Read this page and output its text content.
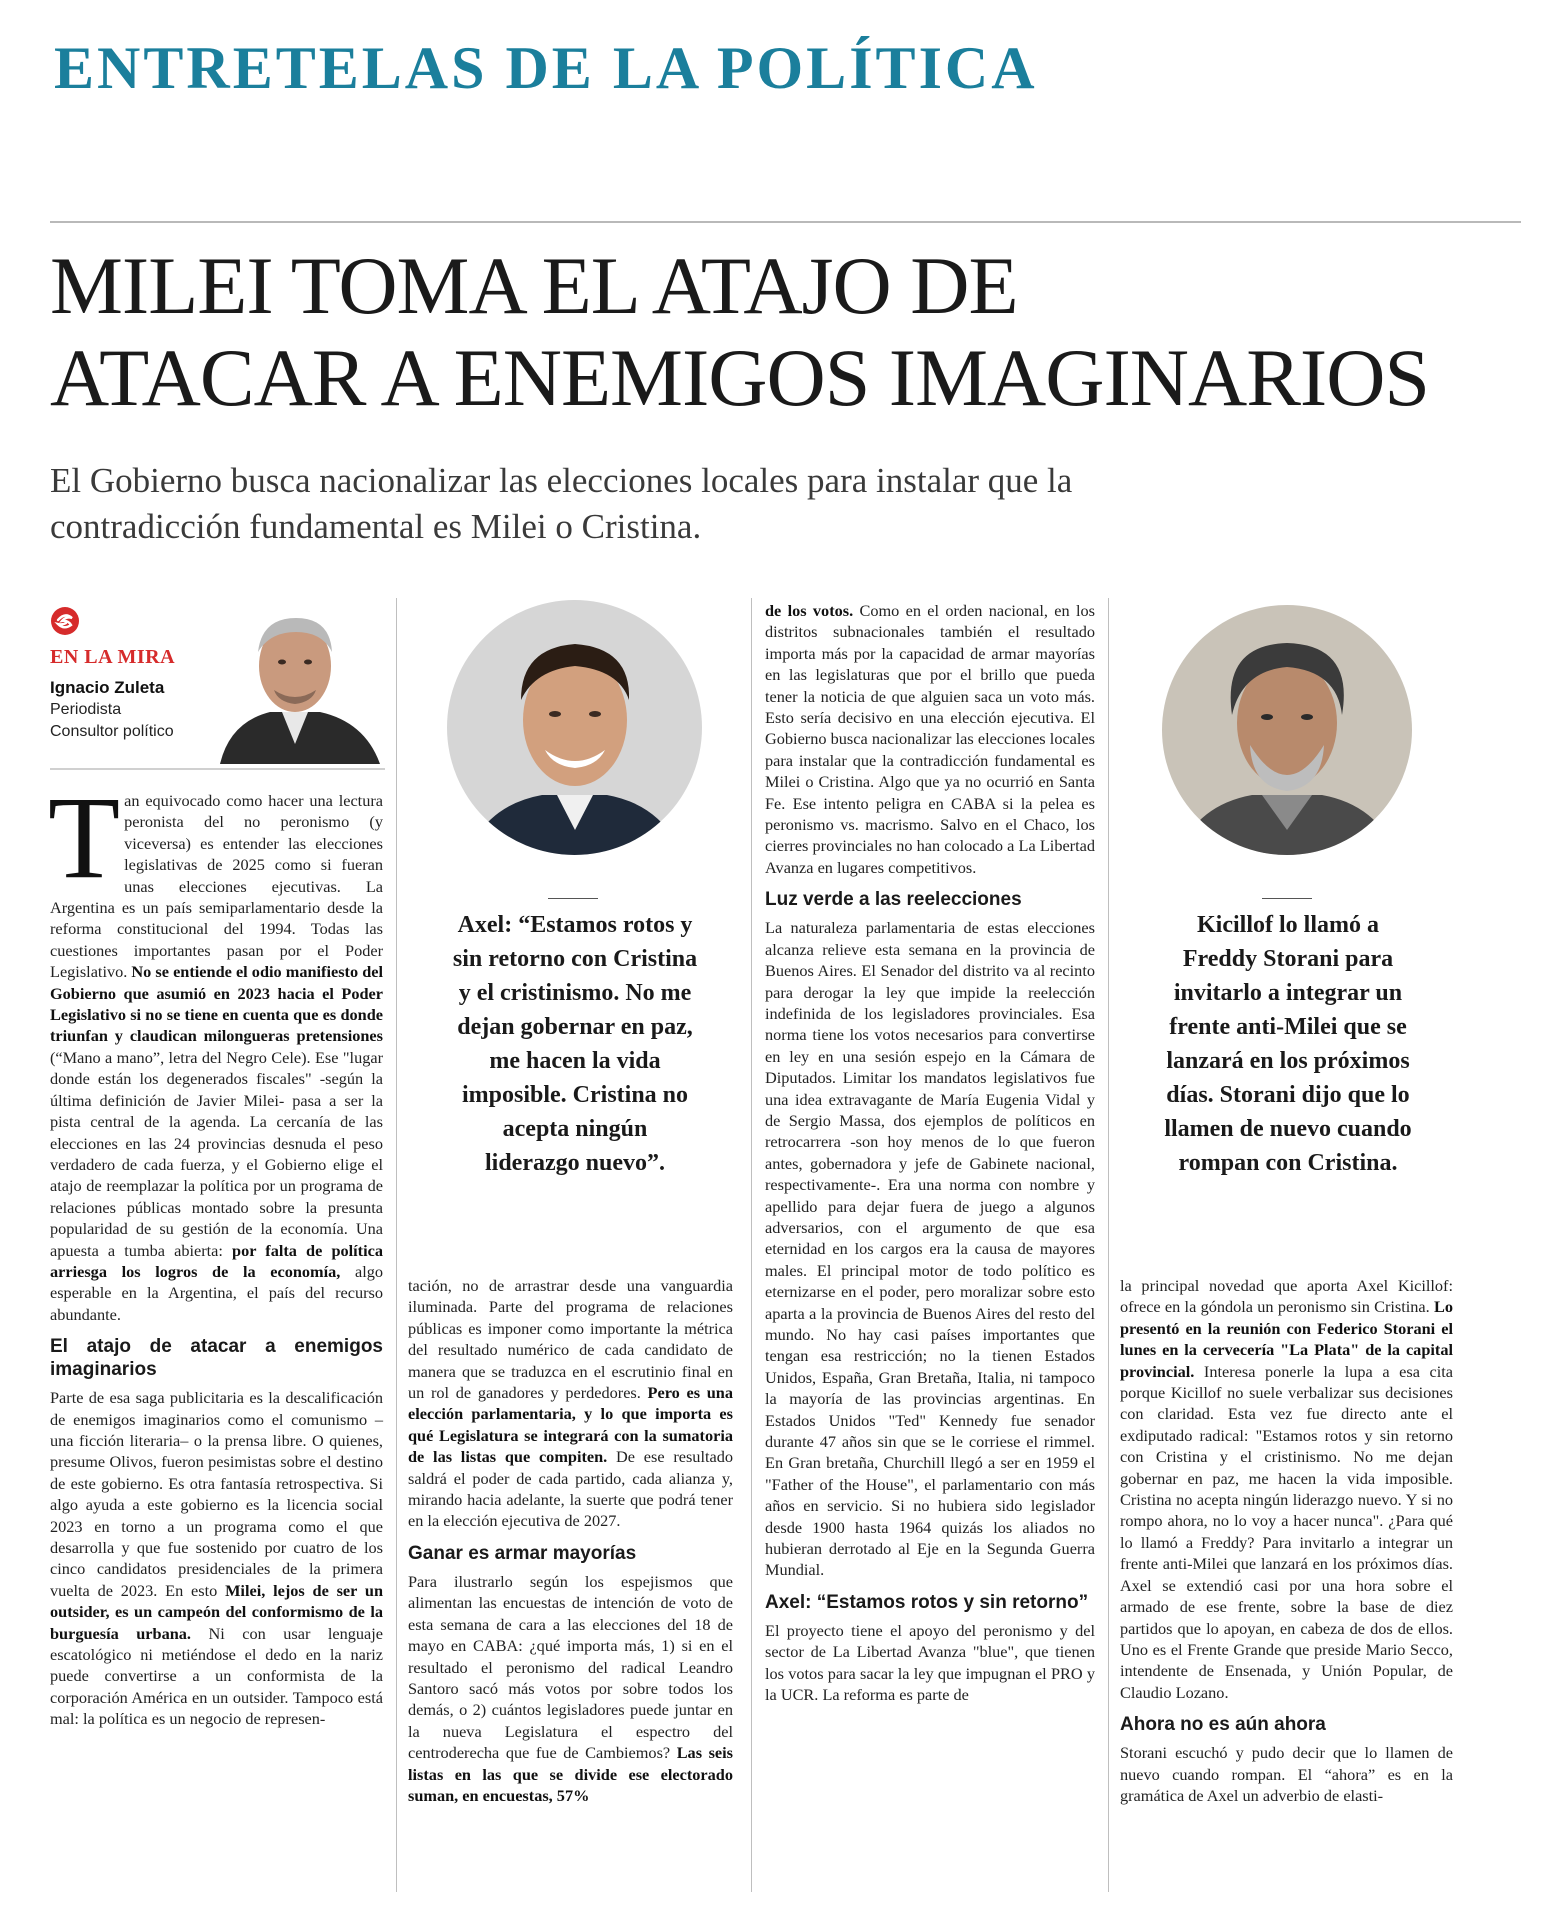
ENTRETELAS DE LA POLÍTICA
MILEI TOMA EL ATAJO DE
ATACAR A ENEMIGOS IMAGINARIOS
El Gobierno busca nacionalizar las elecciones locales para instalar que la
contradicción fundamental es Milei o Cristina.
EN LA MIRA
Ignacio Zuleta
Periodista
Consultor político
Tan equivocado como hacer una lectura peronista del no peronismo (y viceversa) es entender las elecciones legislativas de 2025 como si fueran unas elecciones ejecutivas. La Argentina es un país semiparlamentario desde la reforma constitucional del 1994. Todas las cuestiones importantes pasan por el Poder Legislativo. No se entiende el odio manifiesto del Gobierno que asumió en 2023 hacia el Poder Legislativo si no se tiene en cuenta que es donde triunfan y claudican milongueras pretensiones (“Mano a mano”, letra del Negro Cele). Ese "lugar donde están los degenerados fiscales" -según la última definición de Javier Milei- pasa a ser la pista central de la agenda. La cercanía de las elecciones en las 24 provincias desnuda el peso verdadero de cada fuerza, y el Gobierno elige el atajo de reemplazar la política por un programa de relaciones públicas montado sobre la presunta popularidad de su gestión de la economía. Una apuesta a tumba abierta: por falta de política arriesga los logros de la economía, algo esperable en la Argentina, el país del recurso abundante.
El atajo de atacar a enemigos imaginarios
Parte de esa saga publicitaria es la descalificación de enemigos imaginarios como el comunismo –una ficción literaria– o la prensa libre. O quienes, presume Olivos, fueron pesimistas sobre el destino de este gobierno. Es otra fantasía retrospectiva. Si algo ayuda a este gobierno es la licencia social 2023 en torno a un programa como el que desarrolla y que fue sostenido por cuatro de los cinco candidatos presidenciales de la primera vuelta de 2023. En esto Milei, lejos de ser un outsider, es un campeón del conformismo de la burguesía urbana. Ni con usar lenguaje escatológico ni metiéndose el dedo en la nariz puede convertirse a un conformista de la corporación América en un outsider. Tampoco está mal: la política es un negocio de represen-
Axel: “Estamos rotos y
sin retorno con Cristina
y el cristinismo. No me
dejan gobernar en paz,
me hacen la vida
imposible. Cristina no
acepta ningún
liderazgo nuevo”.
tación, no de arrastrar desde una vanguardia iluminada. Parte del programa de relaciones públicas es imponer como importante la métrica del resultado numérico de cada candidato de manera que se traduzca en el escrutinio final en un rol de ganadores y perdedores. Pero es una elección parlamentaria, y lo que importa es qué Legislatura se integrará con la sumatoria de las listas que compiten. De ese resultado saldrá el poder de cada partido, cada alianza y, mirando hacia adelante, la suerte que podrá tener en la elección ejecutiva de 2027.
Ganar es armar mayorías
Para ilustrarlo según los espejismos que alimentan las encuestas de intención de voto de esta semana de cara a las elecciones del 18 de mayo en CABA: ¿qué importa más, 1) si en el resultado el peronismo del radical Leandro Santoro sacó más votos por sobre todos los demás, o 2) cuántos legisladores puede juntar en la nueva Legislatura el espectro del centroderecha que fue de Cambiemos? Las seis listas en las que se divide ese electorado suman, en encuestas, 57%
de los votos. Como en el orden nacional, en los distritos subnacionales también el resultado importa más por la capacidad de armar mayorías en las legislaturas que por el brillo que pueda tener la noticia de que alguien saca un voto más. Esto sería decisivo en una elección ejecutiva. El Gobierno busca nacionalizar las elecciones locales para instalar que la contradicción fundamental es Milei o Cristina. Algo que ya no ocurrió en Santa Fe. Ese intento peligra en CABA si la pelea es peronismo vs. macrismo. Salvo en el Chaco, los cierres provinciales no han colocado a La Libertad Avanza en lugares competitivos.
Luz verde a las reelecciones
La naturaleza parlamentaria de estas elecciones alcanza relieve esta semana en la provincia de Buenos Aires. El Senador del distrito va al recinto para derogar la ley que impide la reelección indefinida de los legisladores provinciales. Esa norma tiene los votos necesarios para convertirse en ley en una sesión espejo en la Cámara de Diputados. Limitar los mandatos legislativos fue una idea extravagante de María Eugenia Vidal y de Sergio Massa, dos ejemplos de políticos en retrocarrera -son hoy menos de lo que fueron antes, gobernadora y jefe de Gabinete nacional, respectivamente-. Era una norma con nombre y apellido para dejar fuera de juego a algunos adversarios, con el argumento de que esa eternidad en los cargos era la causa de mayores males. El principal motor de todo político es eternizarse en el poder, pero moralizar sobre esto aparta a la provincia de Buenos Aires del resto del mundo. No hay casi países importantes que tengan esa restricción; no la tienen Estados Unidos, España, Gran Bretaña, Italia, ni tampoco la mayoría de las provincias argentinas. En Estados Unidos "Ted" Kennedy fue senador durante 47 años sin que se le corriese el rimmel. En Gran bretaña, Churchill llegó a ser en 1959 el "Father of the House", el parlamentario con más años en servicio. Si no hubiera sido legislador desde 1900 hasta 1964 quizás los aliados no hubieran derrotado al Eje en la Segunda Guerra Mundial.
Axel: “Estamos rotos y sin retorno”
El proyecto tiene el apoyo del peronismo y del sector de La Libertad Avanza "blue", que tienen los votos para sacar la ley que impugnan el PRO y la UCR. La reforma es parte de
Kicillof lo llamó a
Freddy Storani para
invitarlo a integrar un
frente anti-Milei que se
lanzará en los próximos
días. Storani dijo que lo
llamen de nuevo cuando
rompan con Cristina.
la principal novedad que aporta Axel Kicillof: ofrece en la góndola un peronismo sin Cristina. Lo presentó en la reunión con Federico Storani el lunes en la cervecería "La Plata" de la capital provincial. Interesa ponerle la lupa a esa cita porque Kicillof no suele verbalizar sus decisiones con claridad. Esta vez fue directo ante el exdiputado radical: "Estamos rotos y sin retorno con Cristina y el cristinismo. No me dejan gobernar en paz, me hacen la vida imposible. Cristina no acepta ningún liderazgo nuevo. Y si no rompo ahora, no lo voy a hacer nunca". ¿Para qué lo llamó a Freddy? Para invitarlo a integrar un frente anti-Milei que lanzará en los próximos días. Axel se extendió casi por una hora sobre el armado de ese frente, sobre la base de diez partidos que lo apoyan, en cabeza de dos de ellos. Uno es el Frente Grande que preside Mario Secco, intendente de Ensenada, y Unión Popular, de Claudio Lozano.
Ahora no es aún ahora
Storani escuchó y pudo decir que lo llamen de nuevo cuando rompan. El “ahora” es en la gramática de Axel un adverbio de elasti-
